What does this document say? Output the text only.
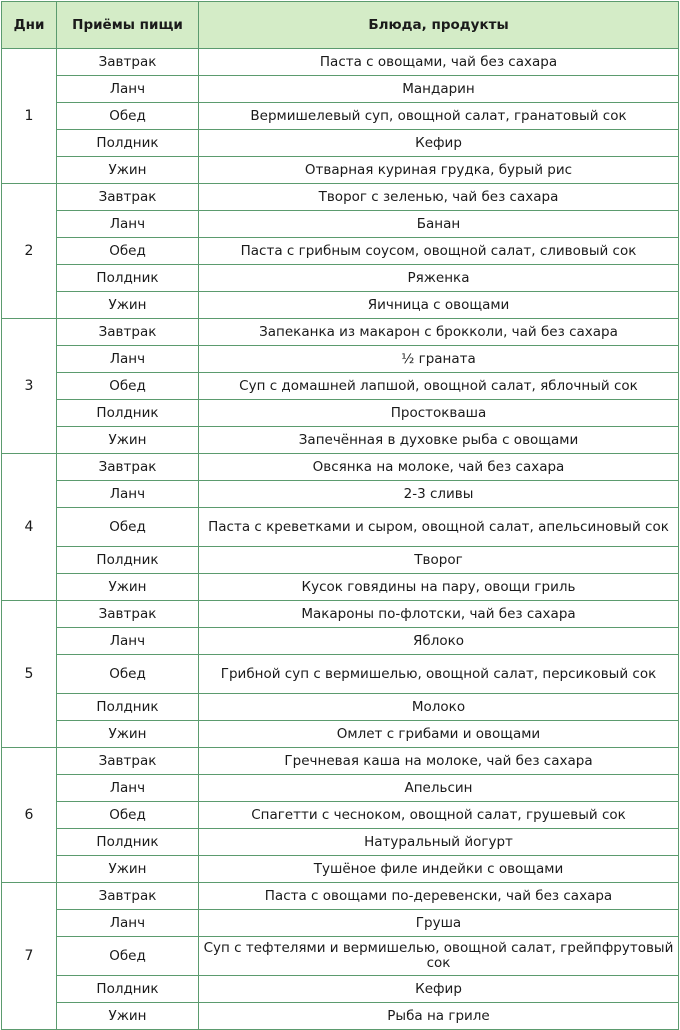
Дни	Приёмы пищи	Блюда, продукты
1	Завтрак	Паста с овощами, чай без сахара
	Ланч	Мандарин
	Обед	Вермишелевый суп, овощной салат, гранатовый сок
	Полдник	Кефир
	Ужин	Отварная куриная грудка, бурый рис
2	Завтрак	Творог с зеленью, чай без сахара
	Ланч	Банан
	Обед	Паста с грибным соусом, овощной салат, сливовый сок
	Полдник	Ряженка
	Ужин	Яичница с овощами
3	Завтрак	Запеканка из макарон с брокколи, чай без сахара
	Ланч	½ граната
	Обед	Суп с домашней лапшой, овощной салат, яблочный сок
	Полдник	Простокваша
	Ужин	Запечённая в духовке рыба с овощами
4	Завтрак	Овсянка на молоке, чай без сахара
	Ланч	2-3 сливы
	Обед	Паста с креветками и сыром, овощной салат, апельсиновый сок
	Полдник	Творог
	Ужин	Кусок говядины на пару, овощи гриль
5	Завтрак	Макароны по-флотски, чай без сахара
	Ланч	Яблоко
	Обед	Грибной суп с вермишелью, овощной салат, персиковый сок
	Полдник	Молоко
	Ужин	Омлет с грибами и овощами
6	Завтрак	Гречневая каша на молоке, чай без сахара
	Ланч	Апельсин
	Обед	Спагетти с чесноком, овощной салат, грушевый сок
	Полдник	Натуральный йогурт
	Ужин	Тушёное филе индейки с овощами
7	Завтрак	Паста с овощами по-деревенски, чай без сахара
	Ланч	Груша
	Обед	Суп с тефтелями и вермишелью, овощной салат, грейпфрутовый сок
	Полдник	Кефир
	Ужин	Рыба на гриле
